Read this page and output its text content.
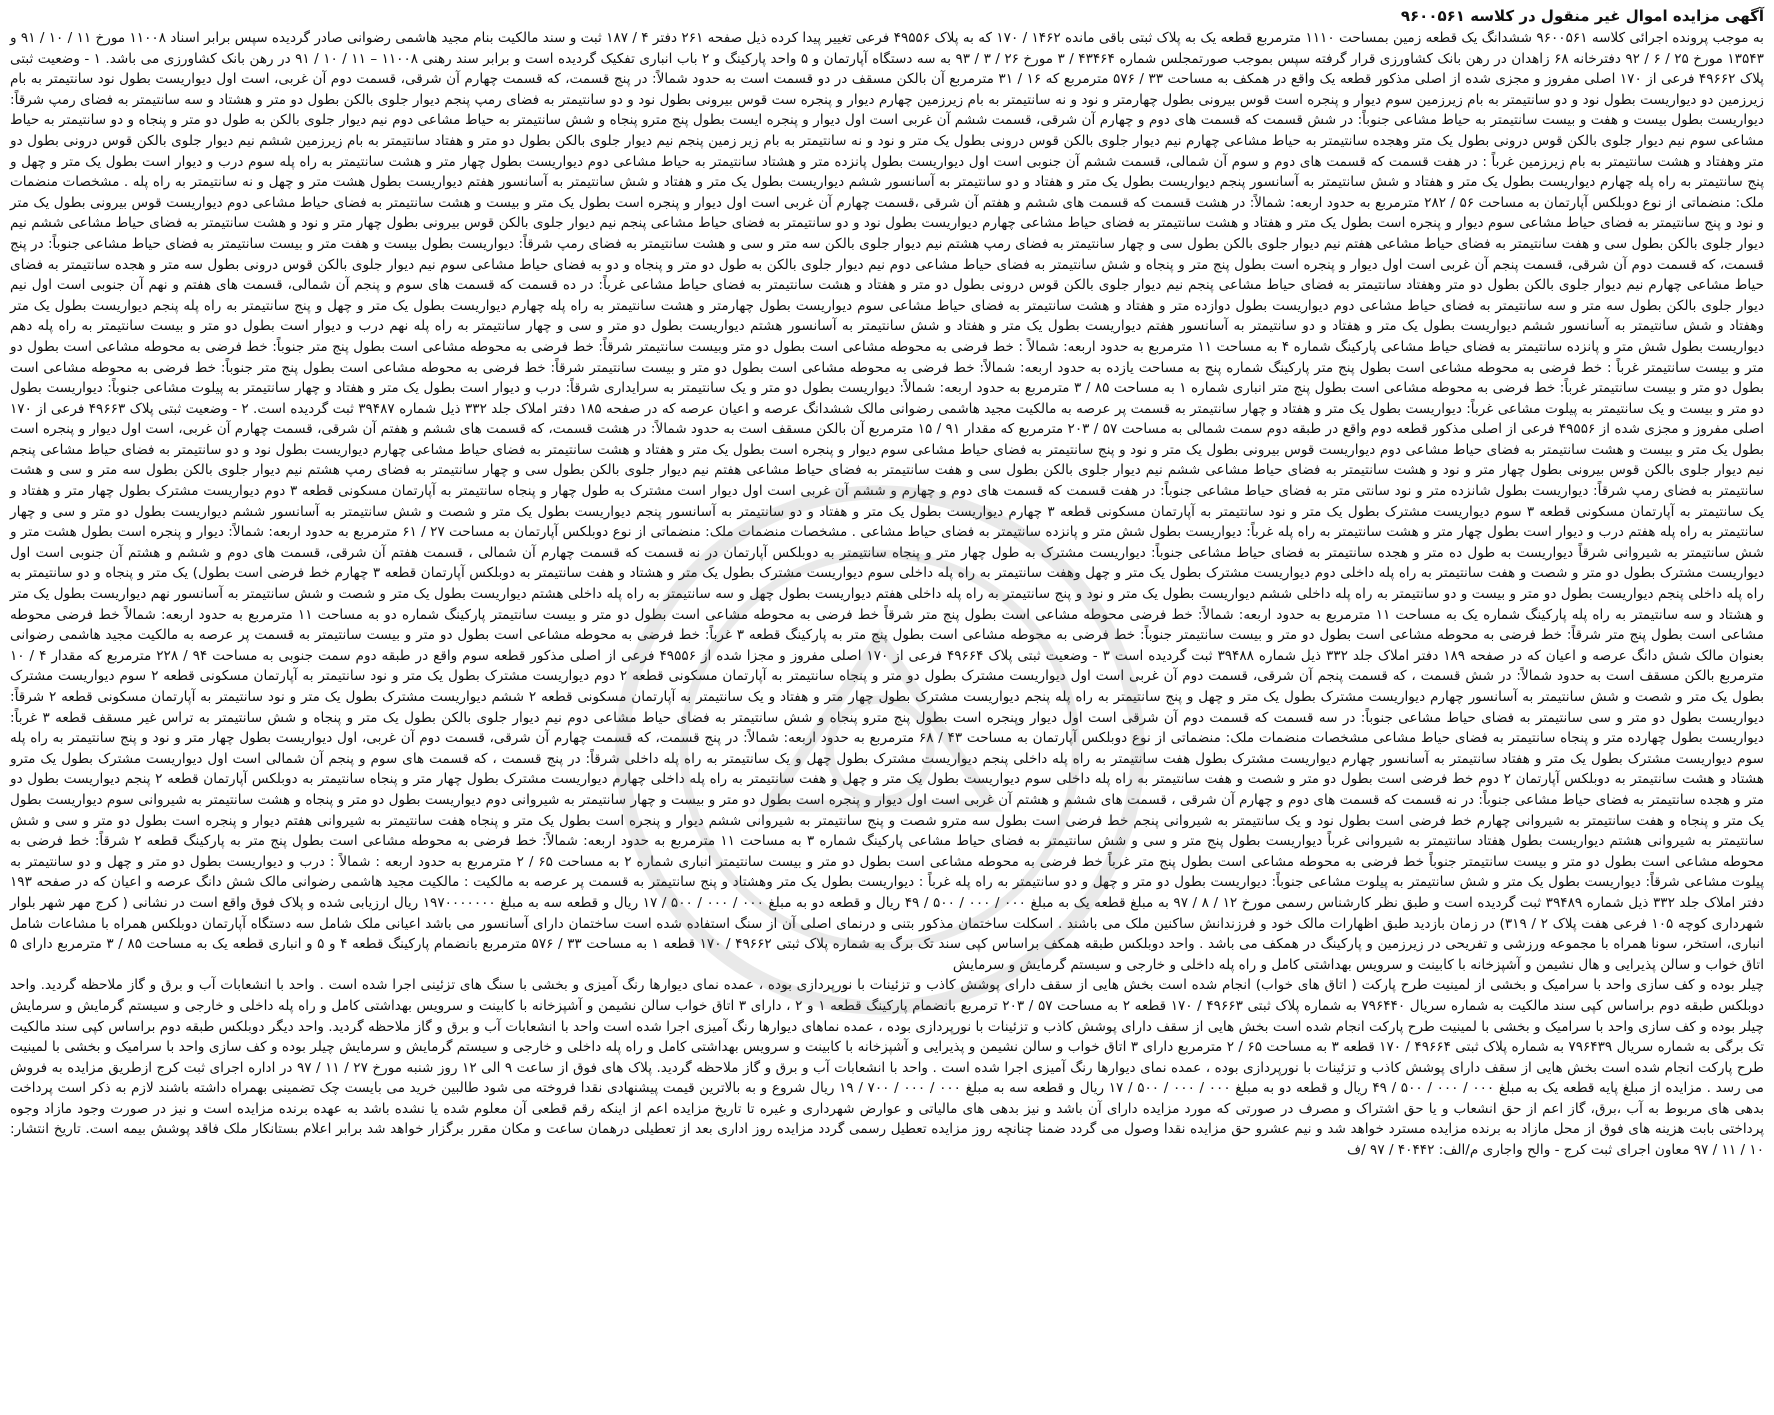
آگهی مزایده اموال غیر منقول در کلاسه ۹۶۰۰۵۶۱

به موجب پرونده اجرائی کلاسه ۹۶۰۰۵۶۱ ششدانگ یک قطعه زمین بمساحت ۱۱۱۰ مترمربع قطعه یک به پلاک ثبتی باقی مانده ۱۴۶۲ / ۱۷۰ که به پلاک ۴۹۵۵۶ فرعی تغییر پیدا کرده ذیل صفحه ۲۶۱ دفتر ۴ / ۱۸۷ ثبت و سند مالکیت بنام مجید هاشمی رضوانی صادر گردیده سپس برابر اسناد ۱۱۰۰۸ مورخ ۱۱ / ۱۰ / ۹۱ و ۱۳۵۴۳ مورخ ۲۵ / ۶ / ۹۲ دفترخانه ۶۸ زاهدان در رهن بانک کشاورزی قرار گرفته سپس بموجب صورتمجلس شماره ۴۳۴۶۴ / ۳ مورخ ۲۶ / ۳ / ۹۳ به سه دستگاه آپارتمان و ۵ واحد پارکینگ و ۲ باب انباری تفکیک گردیده است و برابر سند رهنی ۱۱۰۰۸ – ۱۱ / ۱۰ / ۹۱ در رهن بانک کشاورزی می باشد. ۱ - وضعیت ثبتی پلاک ۴۹۶۶۲ فرعی از ۱۷۰ اصلی مفروز و مجزی شده از اصلی مذکور قطعه یک واقع در همکف به مساحت ۳۳ / ۵۷۶ مترمربع که ۱۶ / ۳۱ مترمربع آن بالکن مسقف در دو قسمت است به حدود شمالاً: در پنج قسمت، که قسمت چهارم آن شرقی، قسمت دوم آن غربی، است اول دیواریست بطول نود سانتیمتر به بام زیرزمین دو دیواریست بطول نود و دو سانتیمتر به بام زیرزمین سوم دیوار و پنجره است قوس بیرونی بطول چهارمتر و نود و نه سانتیمتر به بام زیرزمین چهارم دیوار و پنجره ست قوس بیرونی بطول نود و دو سانتیمتر به فضای رمپ پنجم دیوار جلوی بالکن بطول دو متر و هشتاد و سه سانتیمتر به فضای رمپ شرقاً: دیواریست بطول بیست و هفت و بیست سانتیمتر به حیاط مشاعی جنوباً: در شش قسمت که قسمت های دوم و چهارم آن شرقی، قسمت ششم آن غربی است اول دیوار و پنجره ایست بطول پنج مترو پنجاه و شش سانتیمتر به حیاط مشاعی دوم نیم دیوار جلوی بالکن به طول دو متر و پنجاه و دو سانتیمتر به حیاط مشاعی سوم نیم دیوار جلوی بالکن قوس درونی بطول یک متر وهجده سانتیمتر به حیاط مشاعی چهارم نیم دیوار جلوی بالکن قوس درونی بطول یک متر و نود و نه سانتیمتر به بام زیر زمین پنجم نیم دیوار جلوی بالکن بطول دو متر و هفتاد سانتیمتر به بام زیرزمین ششم نیم دیوار جلوی بالکن قوس درونی بطول دو متر وهفتاد و هشت سانتیمتر به بام زیرزمین غرباً : در هفت قسمت که قسمت های دوم و سوم آن شمالی، قسمت ششم آن جنوبی است اول دیواریست بطول پانزده متر و هشتاد سانتیمتر به حیاط مشاعی دوم دیواریست بطول چهار متر و هشت سانتیمتر به راه پله سوم درب و دیوار است بطول یک متر و چهل و پنج سانتیمتر به راه پله چهارم دیواریست بطول یک متر و هفتاد و شش سانتیمتر به آسانسور پنجم دیواریست بطول یک متر و هفتاد و دو سانتیمتر به آسانسور ششم دیواریست بطول یک متر و هفتاد و شش سانتیمتر به آسانسور هفتم دیواریست بطول هشت متر و چهل و نه سانتیمتر به راه پله . مشخصات منضمات ملک: منضماتی از نوع دوبلکس آپارتمان به مساحت ۵۶ / ۲۸۲ مترمربع به حدود اربعه: شمالاً: در هشت قسمت که قسمت های ششم و هفتم آن شرقی ،قسمت چهارم آن غربی است اول دیوار و پنجره است بطول یک متر و بیست و هشت سانتیمتر به فضای حیاط مشاعی دوم دیواریست قوس بیرونی بطول یک متر و نود و پنج سانتیمتر به فضای حیاط مشاعی سوم دیوار و پنجره است بطول یک متر و هفتاد و هشت سانتیمتر به فضای حیاط مشاعی چهارم دیواریست بطول نود و دو سانتیمتر به فضای حیاط مشاعی پنجم نیم دیوار جلوی بالکن قوس بیرونی بطول چهار متر و نود و هشت سانتیمتر به فضای حیاط مشاعی ششم نیم دیوار جلوی بالکن بطول سی و هفت سانتیمتر به فضای حیاط مشاعی هفتم نیم دیوار جلوی بالکن بطول سی و چهار سانتیمتر به فضای رمپ هشتم نیم دیوار جلوی بالکن سه متر و سی و هشت سانتیمتر به فضای رمپ شرقاً: دیواریست بطول بیست و هفت متر و بیست سانتیمتر به فضای حیاط مشاعی جنوباً: در پنج قسمت، که قسمت دوم آن شرقی، قسمت پنجم آن غربی است اول دیوار و پنجره است بطول پنج متر و پنجاه و شش سانتیمتر به فضای حیاط مشاعی دوم نیم دیوار جلوی بالکن به طول دو متر و پنجاه و دو به فضای حیاط مشاعی سوم نیم دیوار جلوی بالکن قوس درونی بطول سه متر و هجده سانتیمتر به فضای حیاط مشاعی چهارم نیم دیوار جلوی بالکن بطول دو متر وهفتاد سانتیمتر به فضای حیاط مشاعی پنجم نیم دیوار جلوی بالکن قوس درونی بطول دو متر و هفتاد و هشت سانتیمتر به فضای حیاط مشاعی غرباً: در ده قسمت که قسمت های سوم و پنجم آن شمالی، قسمت های هفتم و نهم آن جنوبی است اول نیم دیوار جلوی بالکن بطول سه متر و سه سانتیمتر به فضای حیاط مشاعی دوم دیواریست بطول دوازده متر و هفتاد و هشت سانتیمتر به فضای حیاط مشاعی سوم دیواریست بطول چهارمتر و هشت سانتیمتر به راه پله چهارم دیواریست بطول یک متر و چهل و پنج سانتیمتر به راه پله پنجم دیواریست بطول یک متر وهفتاد و شش سانتیمتر به آسانسور ششم دیواریست بطول یک متر و هفتاد و دو سانتیمتر به آسانسور هفتم دیواریست بطول یک متر و هفتاد و شش سانتیمتر به آسانسور هشتم دیواریست بطول دو متر و سی و چهار سانتیمتر به راه پله نهم درب و دیوار است بطول دو متر و بیست سانتیمتر به راه پله دهم دیواریست بطول شش متر و پانزده سانتیمتر به فضای حیاط مشاعی پارکینگ شماره ۴ به مساحت ۱۱ مترمربع به حدود اربعه: شمالاً : خط فرضی به محوطه مشاعی است بطول دو متر وبیست سانتیمتر شرقاً: خط فرضی به محوطه مشاعی است بطول پنج متر جنوباً: خط فرضی به محوطه مشاعی است بطول دو متر و بیست سانتیمتر غرباً : خط فرضی به محوطه مشاعی است بطول پنج متر پارکینگ شماره پنج به مساحت یازده به حدود اربعه: شمالاً: خط فرضی به محوطه مشاعی است بطول دو متر و بیست سانتیمتر شرقاً: خط فرضی به محوطه مشاعی است بطول پنج متر جنوباً: خط فرضی به محوطه مشاعی است بطول دو متر و بیست سانتیمتر غرباً: خط فرضی به محوطه مشاعی است بطول پنج متر انباری شماره ۱ به مساحت ۸۵ / ۳ مترمربع به حدود اربعه: شمالاً: دیواریست بطول دو متر و یک سانتیمتر به سرایداری شرقاً: درب و دیوار است بطول یک متر و هفتاد و چهار سانتیمتر به پیلوت مشاعی جنوباً: دیواریست بطول دو متر و بیست و یک سانتیمتر به پیلوت مشاعی غرباً: دیواریست بطول یک متر و هفتاد و چهار سانتیمتر به قسمت پر عرصه به مالکیت مجید هاشمی رضوانی مالک ششدانگ عرصه و اعیان عرصه که در صفحه ۱۸۵ دفتر املاک جلد ۳۳۲ ذیل شماره ۳۹۴۸۷ ثبت گردیده است. ۲ - وضعیت ثبتی پلاک ۴۹۶۶۳ فرعی از ۱۷۰ اصلی مفروز و مجزی شده از ۴۹۵۵۶ فرعی از اصلی مذکور قطعه دوم واقع در طبقه دوم سمت شمالی به مساحت ۵۷ / ۲۰۳ مترمربع که مقدار ۹۱ / ۱۵ مترمربع آن بالکن مسقف است به حدود شمالاً: در هشت قسمت، که قسمت های ششم و هفتم آن شرقی، قسمت چهارم آن غربی، است اول دیوار و پنجره است بطول یک متر و بیست و هشت سانتیمتر به فضای حیاط مشاعی دوم دیواریست قوس بیرونی بطول یک متر و نود و پنج سانتیمتر به فضای حیاط مشاعی سوم دیوار و پنجره است بطول یک متر و هفتاد و هشت سانتیمتر به فضای حیاط مشاعی چهارم دیواریست بطول نود و دو سانتیمتر به فضای حیاط مشاعی پنجم نیم دیوار جلوی بالکن قوس بیرونی بطول چهار متر و نود و هشت سانتیمتر به فضای حیاط مشاعی ششم نیم دیوار جلوی بالکن بطول سی و هفت سانتیمتر به فضای حیاط مشاعی هفتم نیم دیوار جلوی بالکن بطول سی و چهار سانتیمتر به فضای رمپ هشتم نیم دیوار جلوی بالکن بطول سه متر و سی و هشت سانتیمتر به فضای رمپ شرقاً: دیواریست بطول شانزده متر و نود سانتی متر به فضای حیاط مشاعی جنوباً: در هفت قسمت که قسمت های دوم و چهارم و ششم آن غربی است اول دیوار است مشترک به طول چهار و پنجاه سانتیمتر به آپارتمان مسکونی قطعه ۳ دوم دیواریست مشترک بطول چهار متر و هفتاد و یک سانتیمتر به آپارتمان مسکونی قطعه ۳ سوم دیواریست مشترک بطول یک متر و نود سانتیمتر به آپارتمان مسکونی قطعه ۳ چهارم دیواریست بطول یک متر و هفتاد و دو سانتیمتر به آسانسور پنجم دیواریست بطول یک متر و شصت و شش سانتیمتر به آسانسور ششم دیواریست بطول دو متر و سی و چهار سانتیمتر به راه پله هفتم درب و دیوار است بطول چهار متر و هشت سانتیمتر به راه پله غرباً: دیواریست بطول شش متر و پانزده سانتیمتر به فضای حیاط مشاعی . مشخصات منضمات ملک: منضماتی از نوع دوبلکس آپارتمان به مساحت ۲۷ / ۶۱ مترمربع به حدود اربعه: شمالاً: دیوار و پنجره است بطول هشت متر و شش سانتیمتر به شیروانی شرقاً دیواریست به طول ده متر و هجده سانتیمتر به فضای حیاط مشاعی جنوباً: دیواریست مشترک به طول چهار متر و پنجاه سانتیمتر به دوبلکس آپارتمان در نه قسمت که قسمت چهارم آن شمالی ، قسمت هفتم آن شرقی، قسمت های دوم و ششم و هشتم آن جنوبی است اول دیواریست مشترک بطول دو متر و شصت و هفت سانتیمتر به راه پله داخلی دوم دیواریست مشترک بطول یک متر و چهل وهفت سانتیمتر به راه پله داخلی سوم دیواریست مشترک بطول یک متر و هشتاد و هفت سانتیمتر به دوبلکس آپارتمان قطعه ۳ چهارم خط فرضی است بطول) یک متر و پنجاه و دو سانتیمتر به راه پله داخلی پنجم دیواریست بطول دو متر و بیست و دو سانتیمتر به راه پله داخلی ششم دیواریست بطول یک متر و نود و پنج سانتیمتر به راه پله داخلی هفتم دیواریست بطول چهل و سه سانتیمتر به راه پله داخلی هشتم دیواریست بطول یک متر و شصت و شش سانتیمتر به آسانسور نهم دیواریست بطول یک متر و هشتاد و سه سانتیمتر به راه پله پارکینگ شماره یک به مساحت ۱۱ مترمربع به حدود اربعه: شمالاً: خط فرضی محوطه مشاعی است بطول پنج متر شرقاً خط فرضی به محوطه مشاعی است بطول دو متر و بیست سانتیمتر پارکینگ شماره دو به مساحت ۱۱ مترمربع به حدود اربعه: شمالاً خط فرضی محوطه مشاعی است بطول پنج متر شرقاً: خط فرضی به محوطه مشاعی است بطول دو متر و بیست سانتیمتر جنوباً: خط فرضی به محوطه مشاعی است بطول پنج متر به پارکینگ قطعه ۳ غرباً: خط فرضی به محوطه مشاعی است بطول دو متر و بیست سانتیمتر به قسمت پر عرصه به مالکیت مجید هاشمی رضوانی بعنوان مالک شش دانگ عرصه و اعیان که در صفحه ۱۸۹ دفتر املاک جلد ۳۳۲ ذیل شماره ۳۹۴۸۸ ثبت گردیده است ۳ - وضعیت ثبتی پلاک ۴۹۶۶۴ فرعی از ۱۷۰ اصلی مفروز و مجزا شده از ۴۹۵۵۶ فرعی از اصلی مذکور قطعه سوم واقع در طبقه دوم سمت جنوبی به مساحت ۹۴ / ۲۲۸ مترمربع که مقدار ۴ / ۱۰ مترمربع بالکن مسقف است به حدود شمالاً: در شش قسمت ، که قسمت پنجم آن شرقی، قسمت دوم آن غربی است اول دیواریست مشترک بطول دو متر و پنجاه سانتیمتر به آپارتمان مسکونی قطعه ۲ دوم دیواریست مشترک بطول یک متر و نود سانتیمتر به آپارتمان مسکونی قطعه ۲ سوم دیواریست مشترک بطول یک متر و شصت و شش سانتیمتر به آسانسور چهارم دیواریست مشترک بطول یک متر و چهل و پنج سانتیمتر به راه پله پنجم دیواریست مشترک بطول چهار متر و هفتاد و یک سانتیمتر به آپارتمان مسکونی قطعه ۲ ششم دیواریست مشترک بطول یک متر و نود سانتیمتر به آپارتمان مسکونی قطعه ۲ شرقاً: دیواریست بطول دو متر و سی سانتیمتر به فضای حیاط مشاعی جنوباً: در سه قسمت که قسمت دوم آن شرقی است اول دیوار وپنجره است بطول پنج مترو پنجاه و شش سانتیمتر به فضای حیاط مشاعی دوم نیم دیوار جلوی بالکن بطول یک متر و پنجاه و شش سانتیمتر به تراس غیر مسقف قطعه ۳ غرباً: دیواریست بطول چهارده متر و پنجاه سانتیمتر به فضای حیاط مشاعی مشخصات منضمات ملک: منضماتی از نوع دوبلکس آپارتمان به مساحت ۴۳ / ۶۸ مترمربع به حدود اربعه: شمالاً: در پنج قسمت، که قسمت چهارم آن شرقی، قسمت دوم آن غربی، اول دیواریست بطول چهار متر و نود و پنج سانتیمتر به راه پله سوم دیواریست مشترک بطول یک متر و هفتاد سانتیمتر به آسانسور چهارم دیواریست مشترک بطول هفت سانتیمتر به راه پله داخلی پنجم دیواریست مشترک بطول چهل و یک سانتیمتر به راه پله داخلی شرقاً: در پنج قسمت ، که قسمت های سوم و پنجم آن شمالی است اول دیواریست مشترک بطول یک مترو هشتاد و هشت سانتیمتر به دوبلکس آپارتمان ۲ دوم خط فرضی است بطول دو متر و شصت و هفت سانتیمتر به راه پله داخلی سوم دیواریست بطول یک متر و چهل و هفت سانتیمتر به راه پله داخلی چهارم دیواریست مشترک بطول چهار متر و پنجاه سانتیمتر به دوبلکس آپارتمان قطعه ۲ پنجم دیواریست بطول دو متر و هجده سانتیمتر به فضای حیاط مشاعی جنوباً: در نه قسمت که قسمت های دوم و چهارم آن شرقی ، قسمت های ششم و هشتم آن غربی است اول دیوار و پنجره است بطول دو متر و بیست و چهار سانتیمتر به شیروانی دوم دیواریست بطول دو متر و پنجاه و هشت سانتیمتر به شیروانی سوم دیواریست بطول یک متر و پنجاه و هفت سانتیمتر به شیروانی چهارم خط فرضی است بطول نود و یک سانتیمتر به شیروانی پنجم خط فرضی است بطول سه مترو شصت و پنج سانتیمتر به شیروانی ششم دیوار و پنجره است بطول یک متر و پنجاه هفت سانتیمتر به شیروانی هفتم دیوار و پنجره است بطول دو متر و سی و شش سانتیمتر به شیروانی هشتم دیواریست بطول هفتاد سانتیمتر به شیروانی غرباً دیواریست بطول پنج متر و سی و شش سانتیمتر به فضای حیاط مشاعی پارکینگ شماره ۳ به مساحت ۱۱ مترمربع به حدود اربعه: شمالاً: خط فرضی به محوطه مشاعی است بطول پنج متر به پارکینگ قطعه ۲ شرقاً: خط فرضی به محوطه مشاعی است بطول دو متر و بیست سانتیمتر جنوباً خط فرضی به محوطه مشاعی است بطول پنج متر غرباً خط فرضی به محوطه مشاعی است بطول دو متر و بیست سانتیمتر انباری شماره ۲ به مساحت ۶۵ / ۲ مترمربع به حدود اربعه : شمالاً : درب و دیواریست بطول دو متر و چهل و دو سانتیمتر به پیلوت مشاعی شرقاً: دیواریست بطول یک متر و شش سانتیمتر به پیلوت مشاعی جنوباً: دیواریست بطول دو متر و چهل و دو سانتیمتر به راه پله غرباً : دیواریست بطول یک متر وهشتاد و پنج سانتیمتر به قسمت پر عرصه به مالکیت : مالکیت مجید هاشمی رضوانی مالک شش دانگ عرصه و اعیان که در صفحه ۱۹۳ دفتر املاک جلد ۳۳۲ ذیل شماره ۳۹۴۸۹ ثبت گردیده است و طبق نظر کارشناس رسمی مورخ ۱۲ / ۸ / ۹۷ به مبلغ قطعه یک به مبلغ ۰۰۰ / ۰۰۰ / ۵۰۰ / ۴۹ ریال و قطعه دو به مبلغ ۰۰۰ / ۰۰۰ / ۵۰۰ / ۱۷ ریال و قطعه سه به مبلغ ۱۹۷۰۰۰۰۰۰۰ ریال ارزیابی شده و پلاک فوق واقع است در نشانی ( کرج مهر شهر بلوار شهرداری کوچه ۱۰۵ فرعی هفت پلاک ۲ / ۳۱۹) در زمان بازدید طبق اظهارات مالک خود و فرزندانش ساکنین ملک می باشند . اسکلت ساختمان مذکور بتنی و درنمای اصلی آن از سنگ استفاده شده است ساختمان دارای آسانسور می باشد اعیانی ملک شامل سه دستگاه آپارتمان دوبلکس همراه با مشاعات شامل انباری، استخر، سونا همراه با مجموعه ورزشی و تفریحی در زیرزمین و پارکینگ در همکف می باشد . واحد دوبلکس طبقه همکف براساس کپی سند تک برگ به شماره پلاک ثبتی ۴۹۶۶۲ / ۱۷۰ قطعه ۱ به مساحت ۳۳ / ۵۷۶ مترمربع بانضمام پارکینگ قطعه ۴ و ۵ و انباری قطعه یک به مساحت ۸۵ / ۳ مترمربع دارای ۵ اتاق خواب و سالن پذیرایی و هال نشیمن و آشپزخانه با کابینت و سرویس بهداشتی کامل و راه پله داخلی و خارجی و سیستم گرمایش و سرمایش

چیلر بوده و کف سازی واحد با سرامیک و بخشی از لمینیت طرح پارکت ( اتاق های خواب) انجام شده است بخش هایی از سقف دارای پوشش کاذب و تزئینات با نورپردازی بوده ، عمده نمای دیوارها رنگ آمیزی و بخشی با سنگ های تزئینی اجرا شده است . واحد با انشعابات آب و برق و گاز ملاحظه گردید. واحد دوبلکس طبقه دوم براساس کپی سند مالکیت به شماره سریال ۷۹۶۴۴۰ به شماره پلاک ثبتی ۴۹۶۶۳ / ۱۷۰ قطعه ۲ به مساحت ۵۷ / ۲۰۳ ترمربع بانضمام پارکینگ قطعه ۱ و ۲ ، دارای ۳ اتاق خواب سالن نشیمن و آشپزخانه با کابینت و سرویس بهداشتی کامل و راه پله داخلی و خارجی و سیستم گرمایش و سرمایش چیلر بوده و کف سازی واحد با سرامیک و بخشی با لمینیت طرح پارکت انجام شده است بخش هایی از سقف دارای پوشش کاذب و تزئینات با نورپردازی بوده ، عمده نماهای دیوارها رنگ آمیزی اجرا شده است واحد با انشعابات آب و برق و گاز ملاحظه گردید. واحد دیگر دوبلکس طبقه دوم براساس کپی سند مالکیت تک برگی به شماره سریال ۷۹۶۴۳۹ به شماره پلاک ثبتی ۴۹۶۶۴ / ۱۷۰ قطعه ۳ به مساحت ۶۵ / ۲ مترمربع دارای ۳ اتاق خواب و سالن نشیمن و پذیرایی و آشپزخانه با کابینت و سرویس بهداشتی کامل و راه پله داخلی و خارجی و سیستم گرمایش و سرمایش چیلر بوده و کف سازی واحد با سرامیک و بخشی با لمینیت طرح پارکت انجام شده است بخش هایی از سقف دارای پوشش کاذب و تزئینات با نورپردازی بوده ، عمده نمای دیوارها رنگ آمیزی اجرا شده است . واحد با انشعابات آب و برق و گاز ملاحظه گردید. پلاک های فوق از ساعت ۹ الی ۱۲ روز شنبه مورخ ۲۷ / ۱۱ / ۹۷ در اداره اجرای ثبت کرج ازطریق مزایده به فروش می رسد . مزایده از مبلغ پایه قطعه یک به مبلغ ۰۰۰ / ۰۰۰ / ۵۰۰ / ۴۹ ریال و قطعه دو به مبلغ ۰۰۰ / ۰۰۰ / ۵۰۰ / ۱۷ ریال و قطعه سه به مبلغ ۰۰۰ / ۰۰۰ / ۷۰۰ / ۱۹ ریال شروع و به بالاترین قیمت پیشنهادی نقدا فروخته می شود طالبین خرید می بایست چک تضمینی بهمراه داشته باشند لازم به ذکر است پرداخت بدهی های مربوط به آب ،برق، گاز اعم از حق انشعاب و یا حق اشتراک و مصرف در صورتی که مورد مزایده دارای آن باشد و نیز بدهی های مالیاتی و عوارض شهرداری و غیره تا تاریخ مزایده اعم از اینکه رقم قطعی آن معلوم شده یا نشده باشد به عهده برنده مزایده است و نیز در صورت وجود مازاد وجوه پرداختی بابت هزینه های فوق از محل مازاد به برنده مزایده مسترد خواهد شد و نیم عشرو حق مزایده نقدا وصول می گردد ضمنا چنانچه روز مزایده تعطیل رسمی گردد مزایده روز اداری بعد از تعطیلی درهمان ساعت و مکان مقرر برگزار خواهد شد برابر اعلام بستانکار ملک فاقد پوشش بیمه است. تاریخ انتشار: ۱۰ / ۱۱ / ۹۷ معاون اجرای ثبت کرج - والح واجاری م/الف: ۴۰۴۴۲ / ۹۷ /ف
